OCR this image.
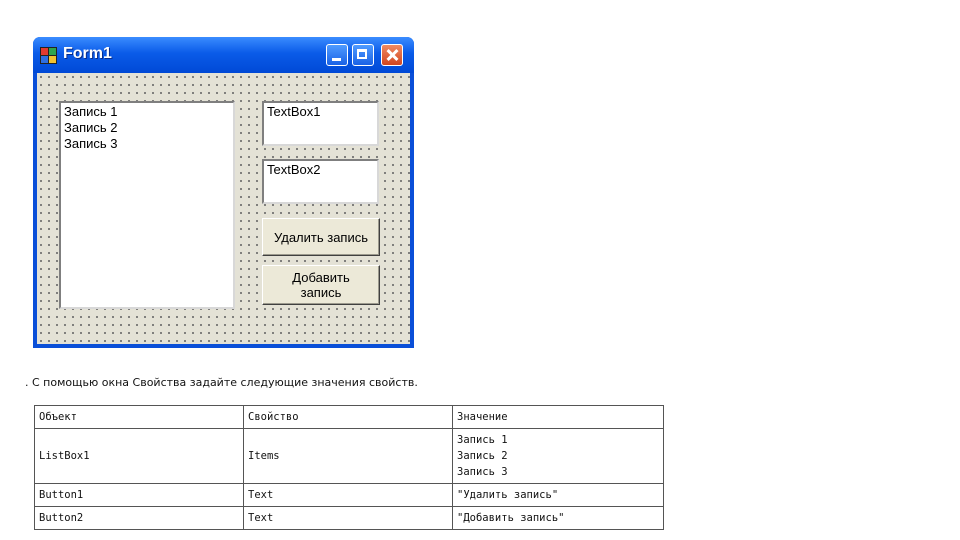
Form1
Запись 1
Запись 2
Запись 3
TextBox1
TextBox2
Удалить запись
Добавить запись
. С помощью окна Свойства задайте следующие значения свойств.
Объект	Свойство	Значение
ListBox1	Items	Запись 1
Запись 2
Запись 3

Button1	Text	"Удалить запись"
Button2	Text	"Добавить запись"
